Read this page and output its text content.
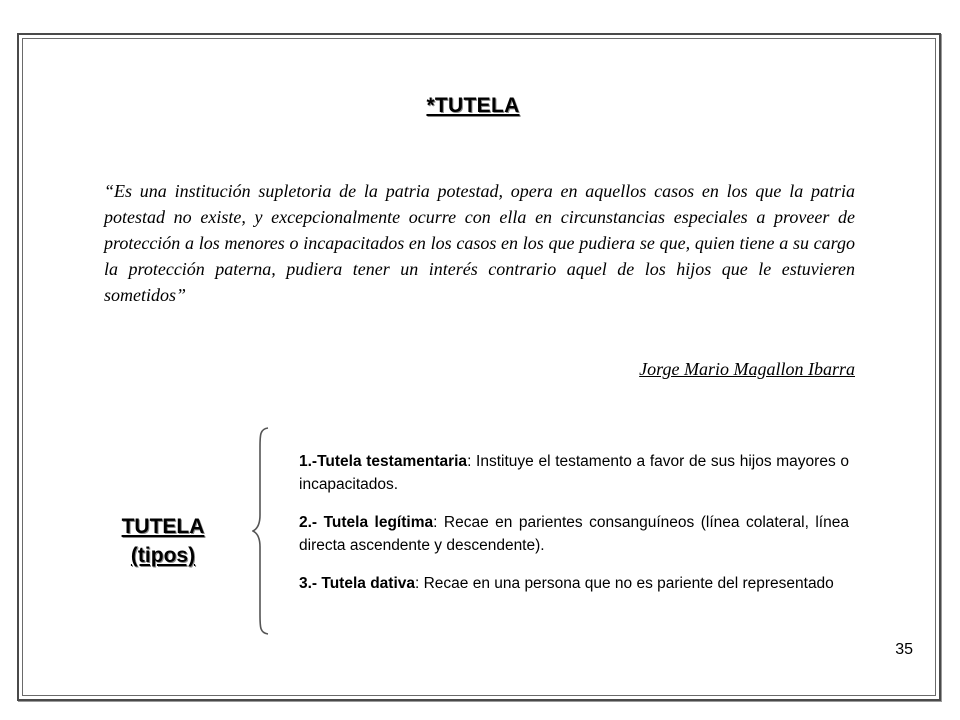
*TUTELA
“Es una institución supletoria de la patria potestad, opera en aquellos casos en los que la patria potestad no existe, y excepcionalmente ocurre con ella en circunstancias especiales a proveer de protección a los menores o incapacitados en los casos en los que pudiera se que, quien tiene a su cargo la protección paterna, pudiera tener un interés contrario aquel de los hijos que le estuvieren sometidos”
Jorge Mario Magallon Ibarra
TUTELA
(tipos)

1.-Tutela testamentaria: Instituye el testamento a favor de sus hijos mayores o incapacitados.

2.- Tutela legítima: Recae en parientes consanguíneos (línea colateral, línea directa ascendente y descendente).

3.- Tutela dativa: Recae en una persona que no es pariente del representado

35
